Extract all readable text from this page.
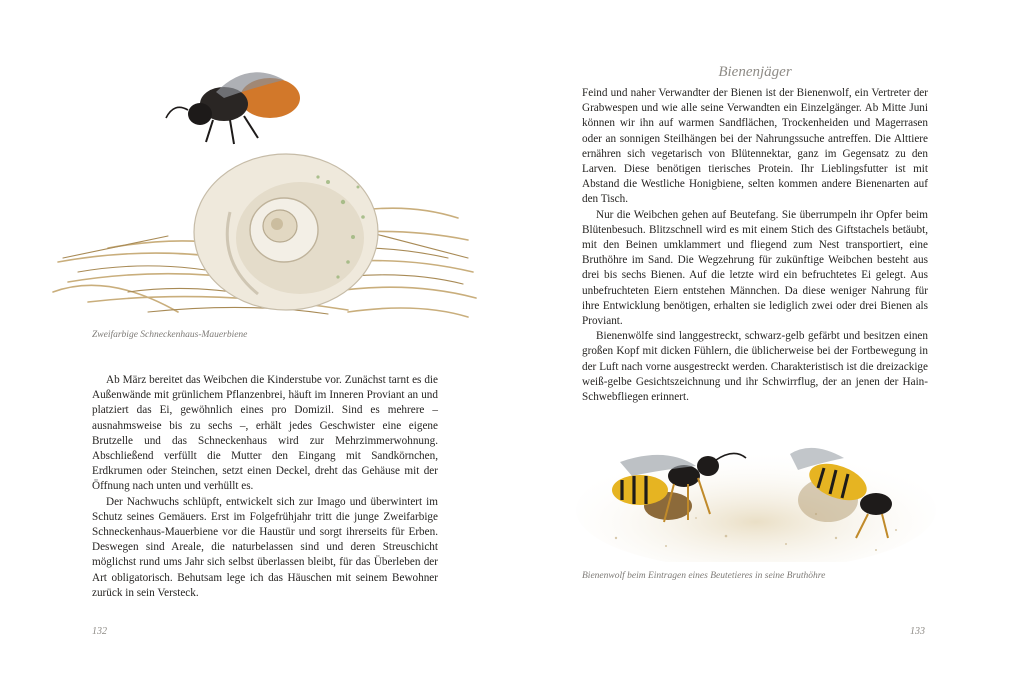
Zweifarbige Schneckenhaus-Mauerbiene

Ab März bereitet das Weibchen die Kinderstube vor. Zunächst tarnt es die Außenwände mit grünlichem Pflanzenbrei, häuft im Inneren Proviant an und platziert das Ei, gewöhnlich eines pro Domizil. Sind es mehrere – ausnahmsweise bis zu sechs –, erhält jedes Geschwister eine eigene Brutzelle und das Schneckenhaus wird zur Mehrzimmerwohnung. Abschließend verfüllt die Mutter den Eingang mit Sandkörnchen, Erdkrumen oder Steinchen, setzt einen Deckel, dreht das Gehäuse mit der Öffnung nach unten und verhüllt es.

Der Nachwuchs schlüpft, entwickelt sich zur Imago und überwintert im Schutz seines Gemäuers. Erst im Folgefrühjahr tritt die junge Zweifarbige Schneckenhaus-Mauerbiene vor die Haustür und sorgt ihrerseits für Erben. Deswegen sind Areale, die naturbelassen sind und deren Streuschicht möglichst rund ums Jahr sich selbst überlassen bleibt, für das Überleben der Art obligatorisch. Behutsam lege ich das Häuschen mit seinem Bewohner zurück in sein Versteck.

132
Bienenjäger

Feind und naher Verwandter der Bienen ist der Bienenwolf, ein Vertreter der Grabwespen und wie alle seine Verwandten ein Einzelgänger. Ab Mitte Juni können wir ihn auf warmen Sandflächen, Trockenheiden und Magerrasen oder an sonnigen Steilhängen bei der Nahrungssuche antreffen. Die Alttiere ernähren sich vegetarisch von Blütennektar, ganz im Gegensatz zu den Larven. Diese benötigen tierisches Protein. Ihr Lieblingsfutter ist mit Abstand die Westliche Honigbiene, selten kommen andere Bienenarten auf den Tisch.

Nur die Weibchen gehen auf Beutefang. Sie überrumpeln ihr Opfer beim Blütenbesuch. Blitzschnell wird es mit einem Stich des Giftstachels betäubt, mit den Beinen umklammert und fliegend zum Nest transportiert, eine Bruthöhre im Sand. Die Wegzehrung für zukünftige Weibchen besteht aus drei bis sechs Bienen. Auf die letzte wird ein befruchtetes Ei gelegt. Aus unbefruchteten Eiern entstehen Männchen. Da diese weniger Nahrung für ihre Entwicklung benötigen, erhalten sie lediglich zwei oder drei Bienen als Proviant.

Bienenwölfe sind langgestreckt, schwarz-gelb gefärbt und besitzen einen großen Kopf mit dicken Fühlern, die üblicherweise bei der Fortbewegung in der Luft nach vorne ausgestreckt werden. Charakteristisch ist die dreizackige weiß-gelbe Gesichtszeichnung und ihr Schwirrflug, der an jenen der Hain-Schwebfliegen erinnert.

Bienenwolf beim Eintragen eines Beutetieres in seine Bruthöhre
133
